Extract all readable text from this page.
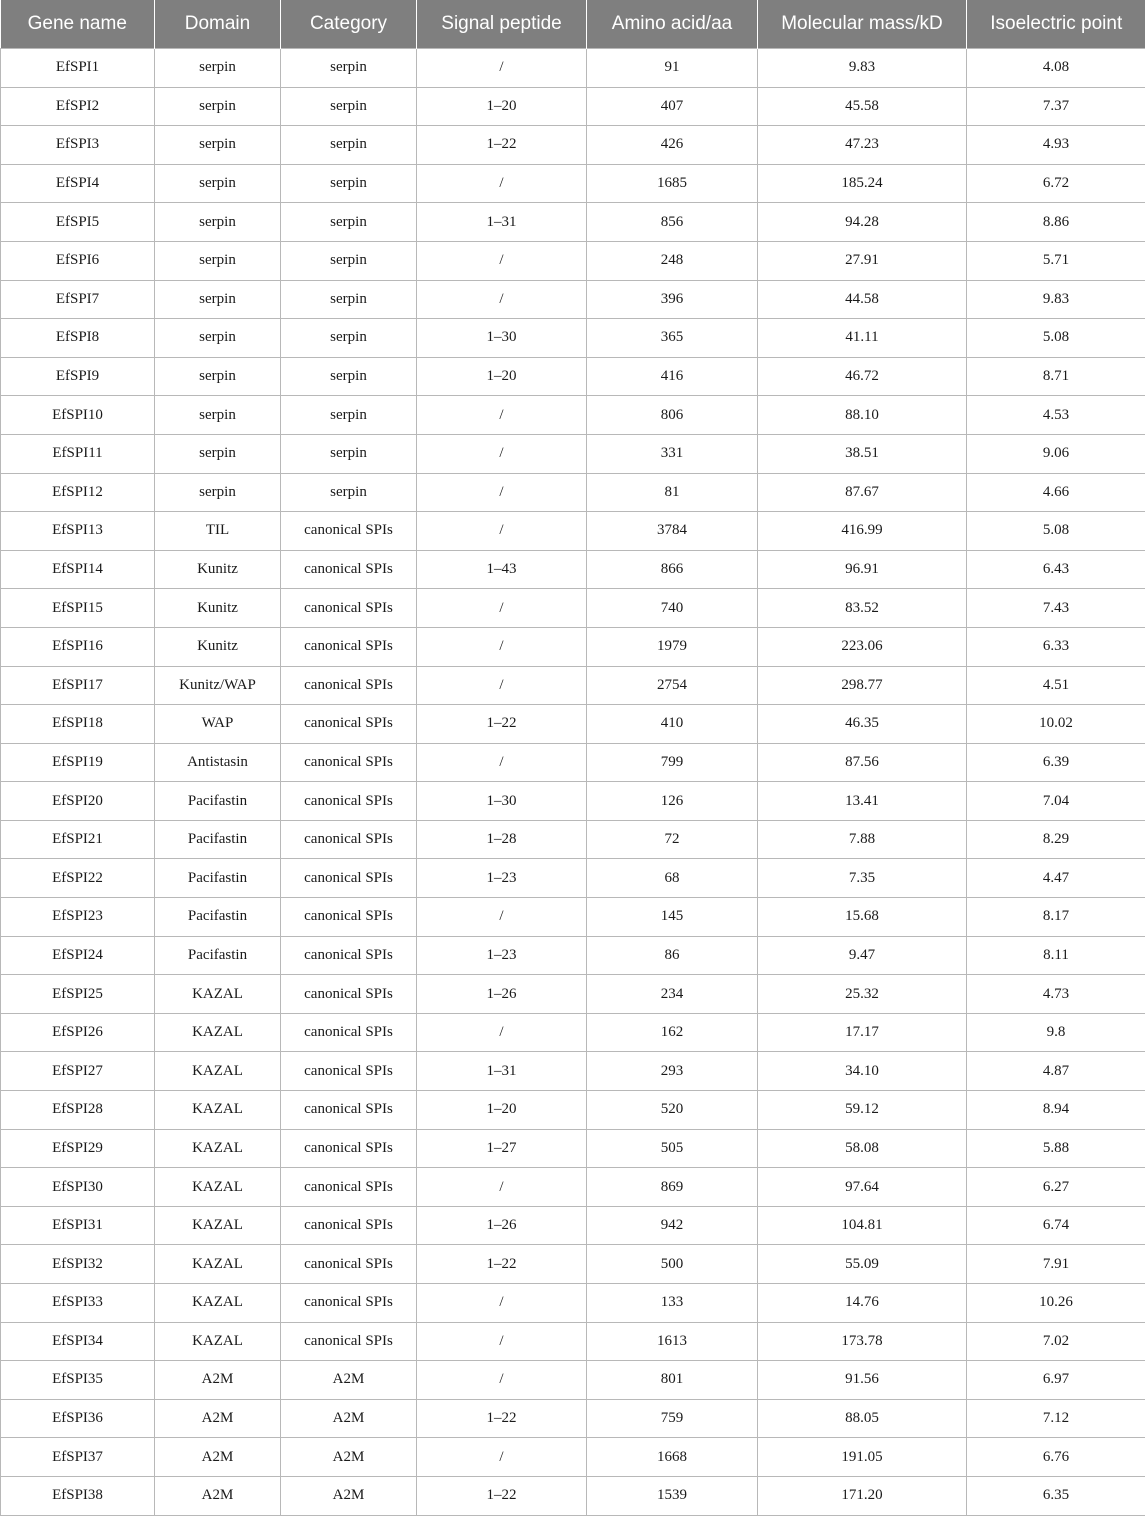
Gene name	Domain	Category	Signal peptide	Amino acid/aa	Molecular mass/kD	Isoelectric point
EfSPI1	serpin	serpin	/	91	9.83	4.08
EfSPI2	serpin	serpin	1–20	407	45.58	7.37
EfSPI3	serpin	serpin	1–22	426	47.23	4.93
EfSPI4	serpin	serpin	/	1685	185.24	6.72
EfSPI5	serpin	serpin	1–31	856	94.28	8.86
EfSPI6	serpin	serpin	/	248	27.91	5.71
EfSPI7	serpin	serpin	/	396	44.58	9.83
EfSPI8	serpin	serpin	1–30	365	41.11	5.08
EfSPI9	serpin	serpin	1–20	416	46.72	8.71
EfSPI10	serpin	serpin	/	806	88.10	4.53
EfSPI11	serpin	serpin	/	331	38.51	9.06
EfSPI12	serpin	serpin	/	81	87.67	4.66
EfSPI13	TIL	canonical SPIs	/	3784	416.99	5.08
EfSPI14	Kunitz	canonical SPIs	1–43	866	96.91	6.43
EfSPI15	Kunitz	canonical SPIs	/	740	83.52	7.43
EfSPI16	Kunitz	canonical SPIs	/	1979	223.06	6.33
EfSPI17	Kunitz/WAP	canonical SPIs	/	2754	298.77	4.51
EfSPI18	WAP	canonical SPIs	1–22	410	46.35	10.02
EfSPI19	Antistasin	canonical SPIs	/	799	87.56	6.39
EfSPI20	Pacifastin	canonical SPIs	1–30	126	13.41	7.04
EfSPI21	Pacifastin	canonical SPIs	1–28	72	7.88	8.29
EfSPI22	Pacifastin	canonical SPIs	1–23	68	7.35	4.47
EfSPI23	Pacifastin	canonical SPIs	/	145	15.68	8.17
EfSPI24	Pacifastin	canonical SPIs	1–23	86	9.47	8.11
EfSPI25	KAZAL	canonical SPIs	1–26	234	25.32	4.73
EfSPI26	KAZAL	canonical SPIs	/	162	17.17	9.8
EfSPI27	KAZAL	canonical SPIs	1–31	293	34.10	4.87
EfSPI28	KAZAL	canonical SPIs	1–20	520	59.12	8.94
EfSPI29	KAZAL	canonical SPIs	1–27	505	58.08	5.88
EfSPI30	KAZAL	canonical SPIs	/	869	97.64	6.27
EfSPI31	KAZAL	canonical SPIs	1–26	942	104.81	6.74
EfSPI32	KAZAL	canonical SPIs	1–22	500	55.09	7.91
EfSPI33	KAZAL	canonical SPIs	/	133	14.76	10.26
EfSPI34	KAZAL	canonical SPIs	/	1613	173.78	7.02
EfSPI35	A2M	A2M	/	801	91.56	6.97
EfSPI36	A2M	A2M	1–22	759	88.05	7.12
EfSPI37	A2M	A2M	/	1668	191.05	6.76
EfSPI38	A2M	A2M	1–22	1539	171.20	6.35
